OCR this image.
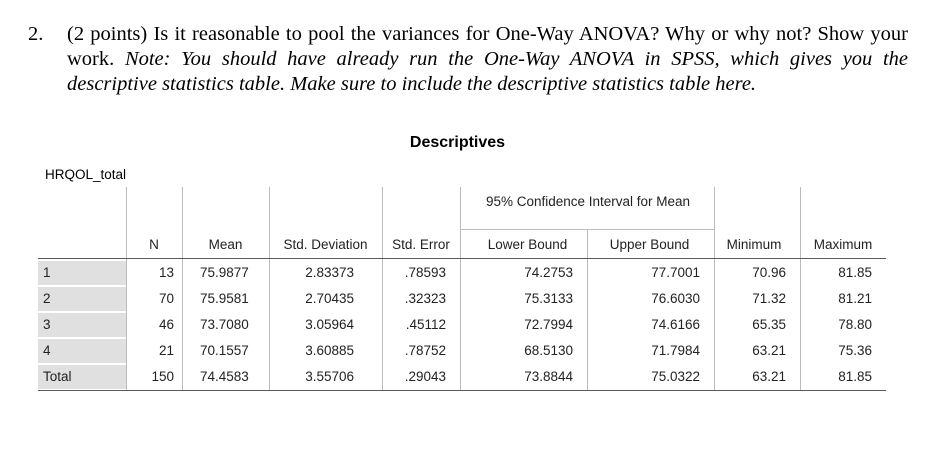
2. (2 points) Is it reasonable to pool the variances for One-Way ANOVA? Why or why not? Show your work. Note: You should have already run the One-Way ANOVA in SPSS, which gives you the descriptive statistics table. Make sure to include the descriptive statistics table here.
Descriptives
HRQOL_total
95% Confidence Interval for Mean
N	Mean	Std. Deviation	Std. Error	Lower Bound	Upper Bound	Minimum	Maximum
1	13	75.9877	2.83373	.78593	74.2753	77.7001	70.96	81.85
2	70	75.9581	2.70435	.32323	75.3133	76.6030	71.32	81.21
3	46	73.7080	3.05964	.45112	72.7994	74.6166	65.35	78.80
4	21	70.1557	3.60885	.78752	68.5130	71.7984	63.21	75.36
Total	150	74.4583	3.55706	.29043	73.8844	75.0322	63.21	81.85
